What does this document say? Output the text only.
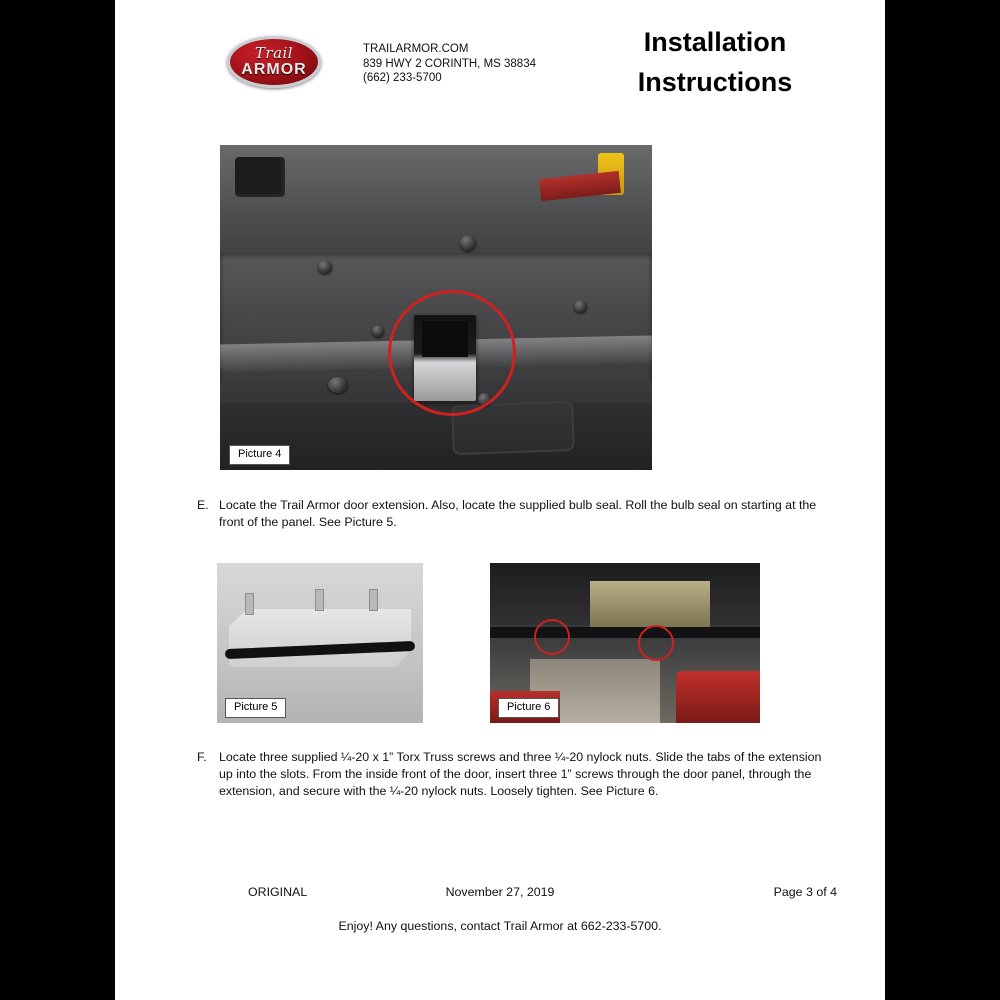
Trail
ARMOR
TRAILARMOR.COM
839 HWY 2 CORINTH, MS 38834
(662) 233-5700
Installation
Instructions
Picture 4
E. Locate the Trail Armor door extension. Also, locate the supplied bulb seal. Roll the bulb seal on starting at the front of the panel. See Picture 5.
Picture 5	Picture 6
F. Locate three supplied ¼-20 x 1” Torx Truss screws and three ¼-20 nylock nuts. Slide the tabs of the extension up into the slots. From the inside front of the door, insert three 1” screws through the door panel, through the extension, and secure with the ¼-20 nylock nuts. Loosely tighten. See Picture 6.
ORIGINAL	November 27, 2019	Page 3 of 4
Enjoy! Any questions, contact Trail Armor at 662-233-5700.
